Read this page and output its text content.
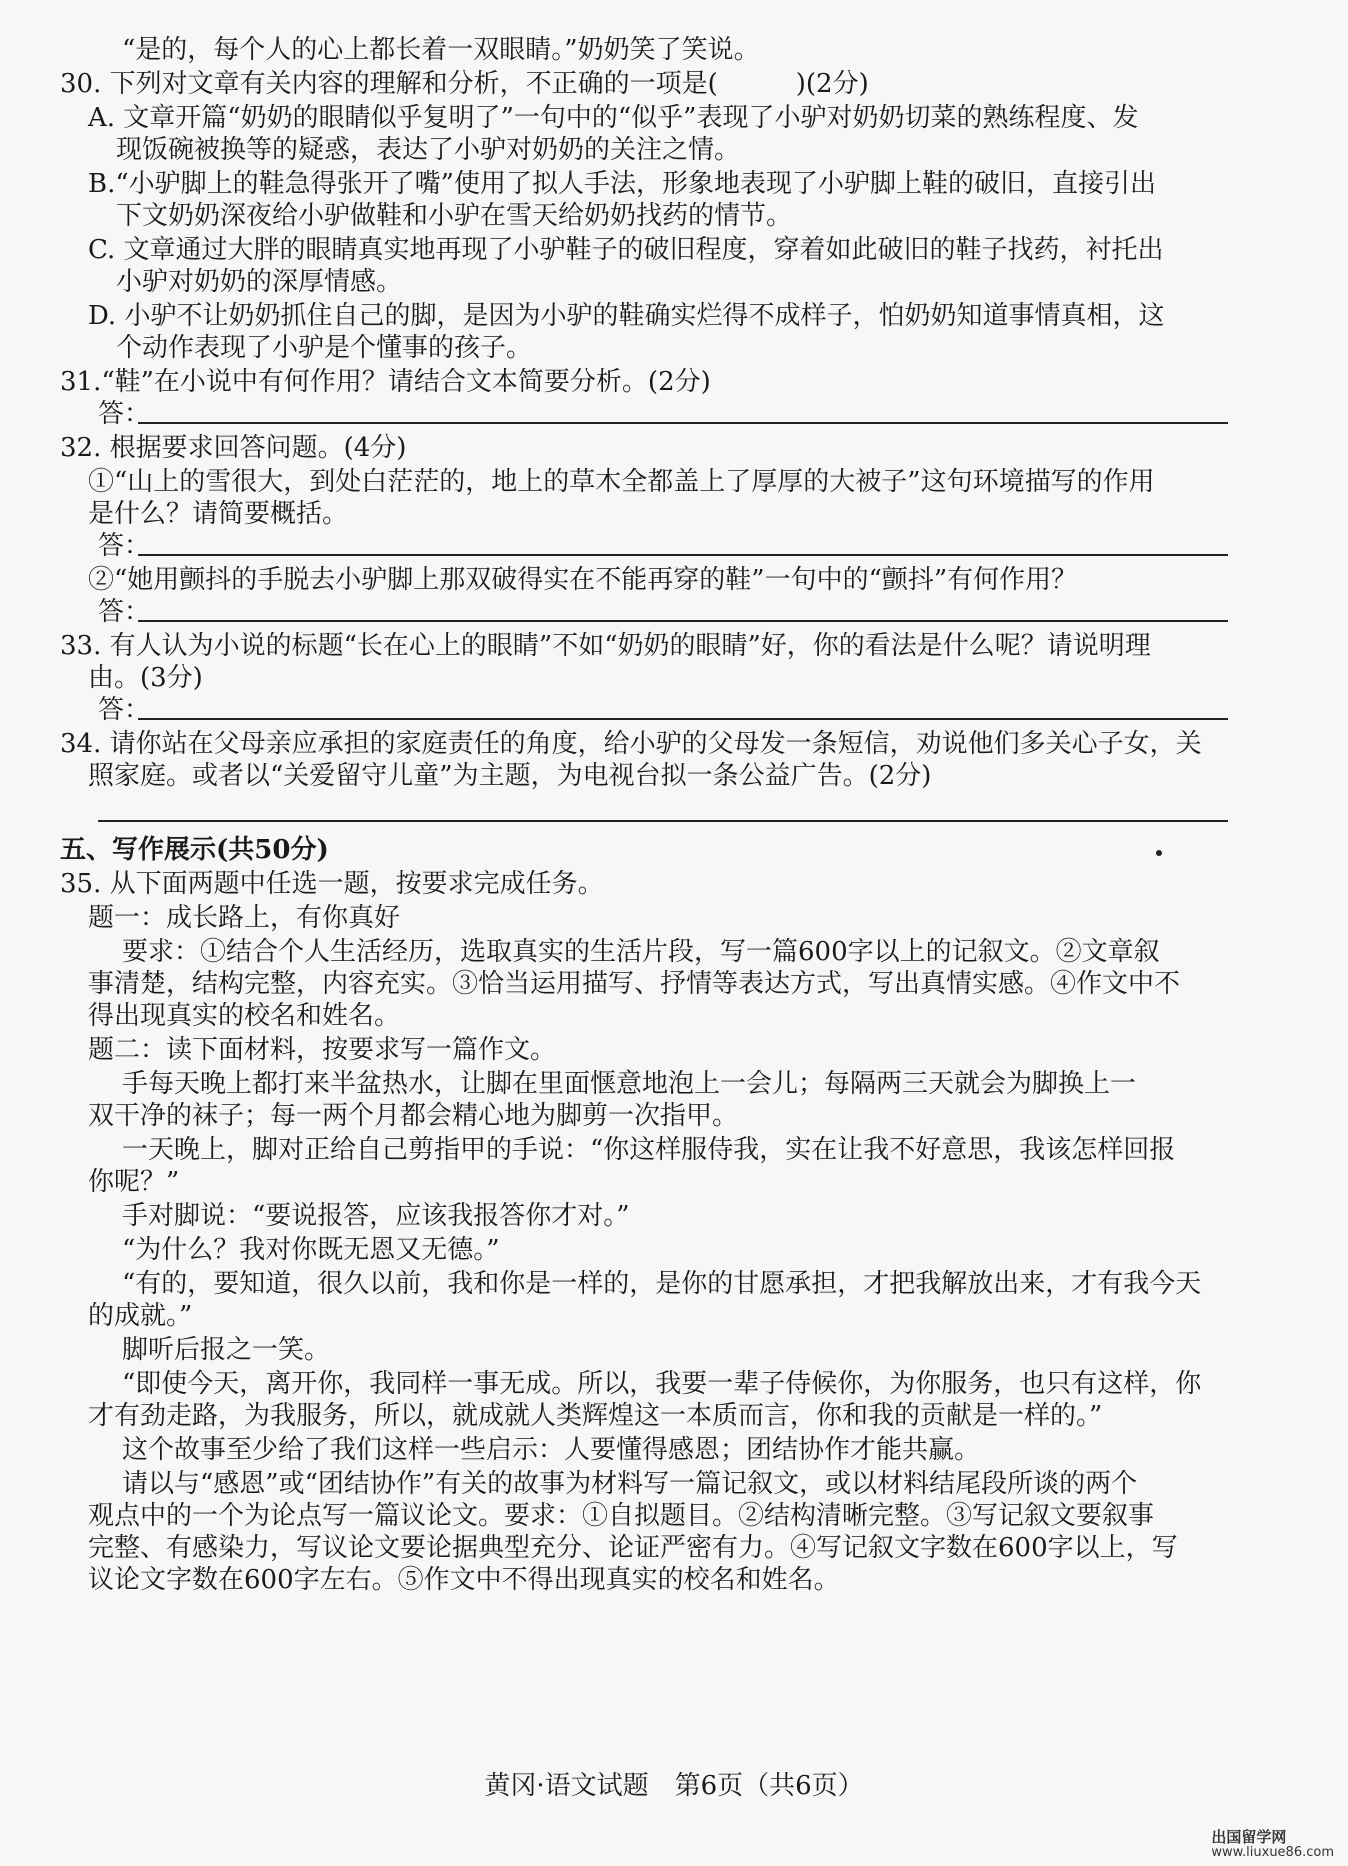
“是的，每个人的心上都长着一双眼睛。”奶奶笑了笑说。
30. 下列对文章有关内容的理解和分析，不正确的一项是(　　　)(2分)
A. 文章开篇“奶奶的眼睛似乎复明了”一句中的“似乎”表现了小驴对奶奶切菜的熟练程度、发
现饭碗被换等的疑惑，表达了小驴对奶奶的关注之情。
B.“小驴脚上的鞋急得张开了嘴”使用了拟人手法，形象地表现了小驴脚上鞋的破旧，直接引出
下文奶奶深夜给小驴做鞋和小驴在雪天给奶奶找药的情节。
C. 文章通过大胖的眼睛真实地再现了小驴鞋子的破旧程度，穿着如此破旧的鞋子找药，衬托出
小驴对奶奶的深厚情感。
D. 小驴不让奶奶抓住自己的脚，是因为小驴的鞋确实烂得不成样子，怕奶奶知道事情真相，这
个动作表现了小驴是个懂事的孩子。
31.“鞋”在小说中有何作用？请结合文本简要分析。(2分)
答：
32. 根据要求回答问题。(4分)
①“山上的雪很大，到处白茫茫的，地上的草木全都盖上了厚厚的大被子”这句环境描写的作用
是什么？请简要概括。
答：
②“她用颤抖的手脱去小驴脚上那双破得实在不能再穿的鞋”一句中的“颤抖”有何作用？
答：
33. 有人认为小说的标题“长在心上的眼睛”不如“奶奶的眼睛”好，你的看法是什么呢？请说明理
由。(3分)
答：
34. 请你站在父母亲应承担的家庭责任的角度，给小驴的父母发一条短信，劝说他们多关心子女，关
照家庭。或者以“关爱留守儿童”为主题，为电视台拟一条公益广告。(2分)
五、写作展示(共50分)
35. 从下面两题中任选一题，按要求完成任务。
题一：成长路上，有你真好
要求：①结合个人生活经历，选取真实的生活片段，写一篇600字以上的记叙文。②文章叙
事清楚，结构完整，内容充实。③恰当运用描写、抒情等表达方式，写出真情实感。④作文中不
得出现真实的校名和姓名。
题二：读下面材料，按要求写一篇作文。
手每天晚上都打来半盆热水，让脚在里面惬意地泡上一会儿；每隔两三天就会为脚换上一
双干净的袜子；每一两个月都会精心地为脚剪一次指甲。
一天晚上，脚对正给自己剪指甲的手说：“你这样服侍我，实在让我不好意思，我该怎样回报
你呢？”
手对脚说：“要说报答，应该我报答你才对。”
“为什么？我对你既无恩又无德。”
“有的，要知道，很久以前，我和你是一样的，是你的甘愿承担，才把我解放出来，才有我今天
的成就。”
脚听后报之一笑。
“即使今天，离开你，我同样一事无成。所以，我要一辈子侍候你，为你服务，也只有这样，你
才有劲走路，为我服务，所以，就成就人类辉煌这一本质而言，你和我的贡献是一样的。”
这个故事至少给了我们这样一些启示：人要懂得感恩；团结协作才能共赢。
请以与“感恩”或“团结协作”有关的故事为材料写一篇记叙文，或以材料结尾段所谈的两个
观点中的一个为论点写一篇议论文。要求：①自拟题目。②结构清晰完整。③写记叙文要叙事
完整、有感染力，写议论文要论据典型充分、论证严密有力。④写记叙文字数在600字以上，写
议论文字数在600字左右。⑤作文中不得出现真实的校名和姓名。
黄冈·语文试题　第6页（共6页）
出国留学网
www.liuxue86.com
